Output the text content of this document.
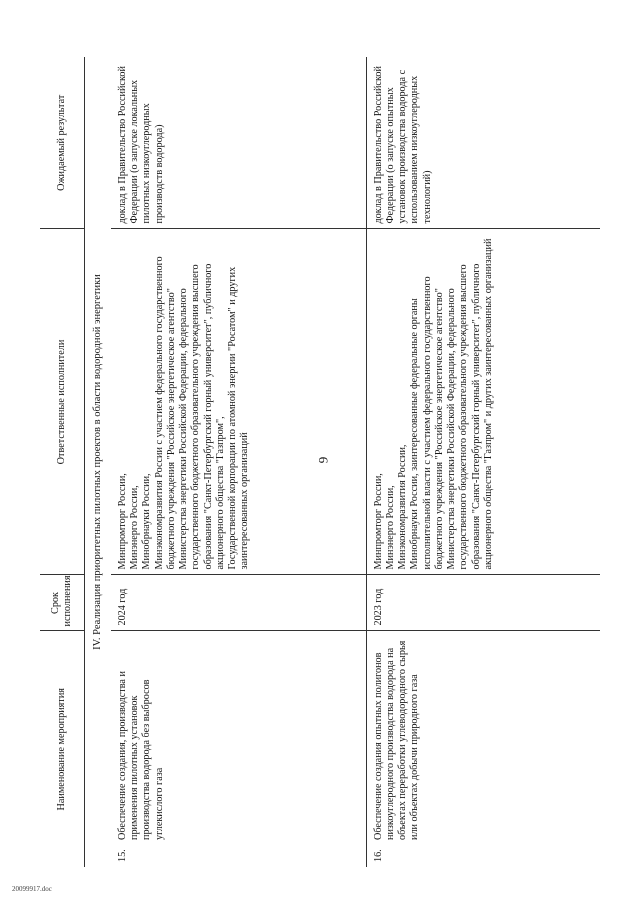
9
Наименование мероприятия	Срок исполнения	Ответственные исполнители	Ожидаемый результат
IV. Реализация приоритетных пилотных проектов в области водородной энергетики			
15.Обеспечение создания, производства и применения пилотных установок производства водорода без выбросов углекислого газа	2024 год	Минпромторг России, Минэнерго России, Минобрнауки России, Минэкономразвития России с участием федерального государственного бюджетного учреждения "Российское энергетическое агентство" Министерства энергетики Российской Федерации, федерального государственного бюджетного образовательного учреждения высшего образования "Санкт-Петербургский горный университет", публичного акционерного общества "Газпром", Государственной корпорации по атомной энергии "Росатом" и других заинтересованных организаций	доклад в Правительство Российской Федерации (о запуске локальных пилотных низкоуглеродных производств водорода)
16.Обеспечение создания опытных полигонов низкоуглеродного производства водорода на объектах переработки углеводородного сырья или объектах добычи природного газа	2023 год	Минпромторг России, Минэнерго России, Минэкономразвития России, Минобрнауки России, заинтересованные федеральные органы исполнительной власти с участием федерального государственного бюджетного учреждения "Российское энергетическое агентство" Министерства энергетики Российской Федерации, федерального государственного бюджетного образовательного учреждения высшего образования "Санкт-Петербургский горный университет", публичного акционерного общества "Газпром" и других заинтересованных организаций	доклад в Правительство Российской Федерации (о запуске опытных установок производства водорода с использованием низкоуглеродных технологий)
20099917.doc
